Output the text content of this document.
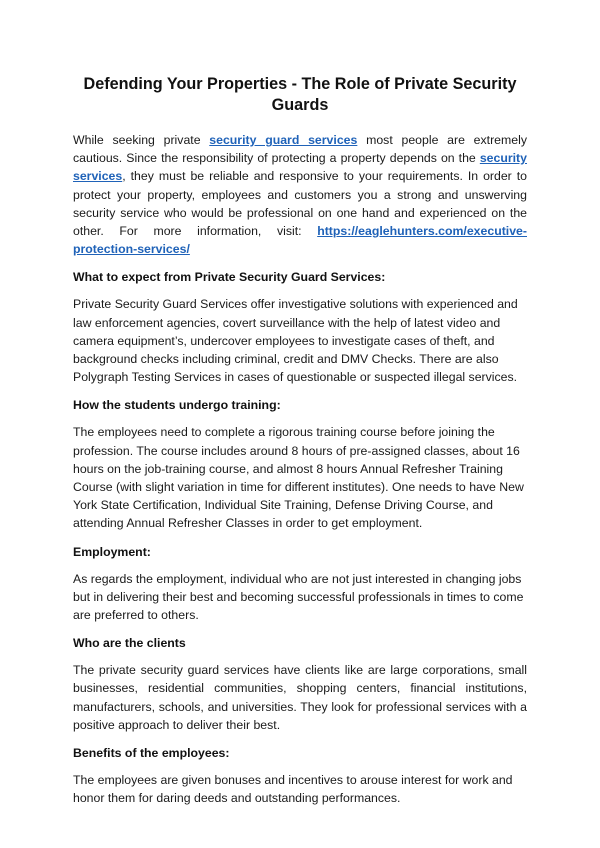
Defending Your Properties - The Role of Private Security Guards

While seeking private security guard services most people are extremely cautious. Since the responsibility of protecting a property depends on the security services, they must be reliable and responsive to your requirements. In order to protect your property, employees and customers you a strong and unswerving security service who would be professional on one hand and experienced on the other. For more information, visit: https://eaglehunters.com/executive-protection-services/

What to expect from Private Security Guard Services:

Private Security Guard Services offer investigative solutions with experienced and law enforcement agencies, covert surveillance with the help of latest video and camera equipment’s, undercover employees to investigate cases of theft, and background checks including criminal, credit and DMV Checks. There are also Polygraph Testing Services in cases of questionable or suspected illegal services.

How the students undergo training:

The employees need to complete a rigorous training course before joining the profession. The course includes around 8 hours of pre-assigned classes, about 16 hours on the job-training course, and almost 8 hours Annual Refresher Training Course (with slight variation in time for different institutes). One needs to have New York State Certification, Individual Site Training, Defense Driving Course, and attending Annual Refresher Classes in order to get employment.

Employment:

As regards the employment, individual who are not just interested in changing jobs but in delivering their best and becoming successful professionals in times to come are preferred to others.

Who are the clients

The private security guard services have clients like are large corporations, small businesses, residential communities, shopping centers, financial institutions, manufacturers, schools, and universities. They look for professional services with a positive approach to deliver their best.

Benefits of the employees:

The employees are given bonuses and incentives to arouse interest for work and honor them for daring deeds and outstanding performances.
